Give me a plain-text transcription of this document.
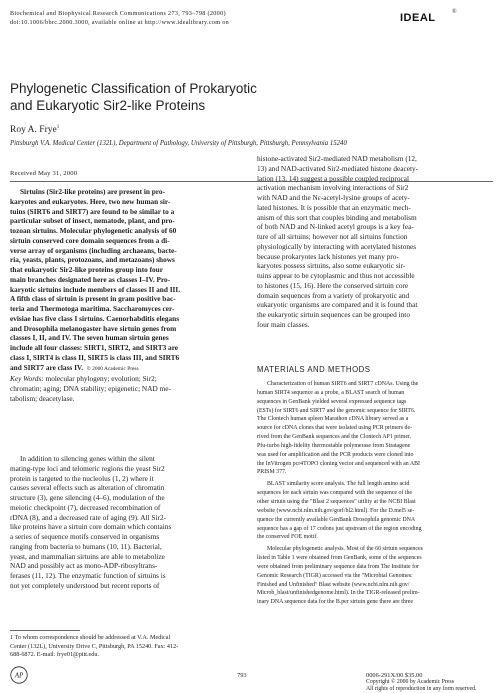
Biochemical and Biophysical Research Communications 273, 793–798 (2000)
doi:10.1006/bbrc.2000.3000, available online at http://www.idealibrary.com on	IDEAL	®
Phylogenetic Classification of Prokaryotic
and Eukaryotic Sir2-like Proteins
Roy A. Frye$^1$
Pittsburgh V.A. Medical Center (132L), Department of Pathology, University of Pittsburgh, Pittsburgh, Pennsylvania 15240
Received May 31, 2000
Sirtuins (Sir2-like proteins) are present in pro-
karyotes and eukaryotes. Here, two new human sir-
tuins (SIRT6 and SIRT7) are found to be similar to a
particular subset of insect, nematode, plant, and pro-
tozoan sirtuins. Molecular phylogenetic analysis of 60
sirtuin conserved core domain sequences from a di-
verse array of organisms (including archaeans, bacte-
ria, yeasts, plants, protozoans, and metazoans) shows
that eukaryotic Sir2-like proteins group into four
main branches designated here as classes I–IV. Pro-
karyotic sirtuins include members of classes II and III.
A fifth class of sirtuin is present in gram positive bac-
teria and Thermotoga maritima. Saccharomyces cer-
evisiae has five class I sirtuins. Caenorhabditis elegans
and Drosophila melanogaster have sirtuin genes from
classes I, II, and IV. The seven human sirtuin genes
include all four classes: SIRT1, SIRT2, and SIRT3 are
class I, SIRT4 is class II, SIRT5 is class III, and SIRT6
and SIRT7 are class IV. © 2000 Academic Press
Key Words: molecular phylogeny; evolution; Sir2;
chromatin; aging; DNA stability; epigenetic; NAD me-
tabolism; deacetylase.
In addition to silencing genes within the silent
mating-type loci and telomeric regions the yeast Sir2
protein is targeted to the nucleolus (1, 2) where it
causes several effects such as alteration of chromatin
structure (3), gene silencing (4–6), modulation of the
meiotic checkpoint (7), decreased recombination of
rDNA (8), and a decreased rate of aging (9). All Sir2-
like proteins have a sirtuin core domain which contains
a series of sequence motifs conserved in organisms
ranging from bacteria to humans (10, 11). Bacterial,
yeast, and mammalian sirtuins are able to metabolize
NAD and possibly act as mono-ADP-ribosyltrans-
ferases (11, 12). The enzymatic function of sirtuins is
not yet completely understood but recent reports of
1 To whom correspondence should be addressed at V.A. Medical
Center (132L), University Drive C, Pittsburgh, PA 15240. Fax: 412-
688-6872. E-mail: frye01@pitt.edu.
histone-activated Sir2-mediated NAD metabolism (12,
13) and NAD-activated Sir2-mediated histone deacety-
lation (13, 14) suggest a possible coupled reciprocal
activation mechanism involving interactions of Sir2
with NAD and the Nε-acetyl-lysine groups of acety-
lated histones. It is possible that an enzymatic mech-
anism of this sort that couples binding and metabolism
of both NAD and N-linked acetyl groups is a key fea-
ture of all sirtuins; however not all sirtuins function
physiologically by interacting with acetylated histones
because prokaryotes lack histones yet many pro-
karyotes possess sirtuins, also some eukaryotic sir-
tuins appear to be cytoplasmic and thus not accessible
to histones (15, 16). Here the conserved sirtuin core
domain sequences from a variety of prokaryotic and
eukaryotic organisms are compared and it is found that
the eukaryotic sirtuin sequences can be grouped into
four main classes.
MATERIALS AND METHODS
Characterization of human SIRT6 and SIRT7 cDNAs. Using the
human SIRT4 sequence as a probe, a BLAST search of human
sequences in GenBank yielded several expressed sequence tags
(ESTs) for SIRT6 and SIRT7 and the genomic sequence for SIRT6.
The Clontech human spleen Marathon cDNA library served as a
source for cDNA clones that were isolated using PCR primers de-
rived from the GenBank sequences and the Clontech AP1 primer.
Pfu-turbo high-fidelity thermostable polymerase from Stratagene
was used for amplification and the PCR products were cloned into
the InVitrogen pcr4TOPO cloning vector and sequenced with an ABI
PRISM 377.
BLAST similarity score analysis. The full length amino acid
sequences for each sirtuin was compared with the sequence of the
other sirtuin using the "Blast 2 sequences" utility at the NCBI Blast
website (www.ncbi.nlm.nih.gov/gorf/bl2.html). For the D.mel5 se-
quence the currently available GenBank Drosophila genomic DNA
sequence has a gap of 17 codons just upstream of the region encoding
the conserved FOE motif.
Molecular phylogenetic analysis. Most of the 60 sirtuin sequences
listed in Table 1 were obtained from GenBank, some of the sequences
were obtained from preliminary sequence data from The Institute for
Genomic Research (TIGR) accessed via the "Microbial Genomes:
Finished and Unfinished" Blast website (www.ncbi.nlm.nih.gov/
Microb_blast/unfinishedgenome.html). In the TIGR-released prelim-
inary DNA sequence data for the B.per sirtuin gene there are three
AP	793	0006-291X/00 $35.00
Copyright © 2000 by Academic Press
All rights of reproduction in any form reserved.
